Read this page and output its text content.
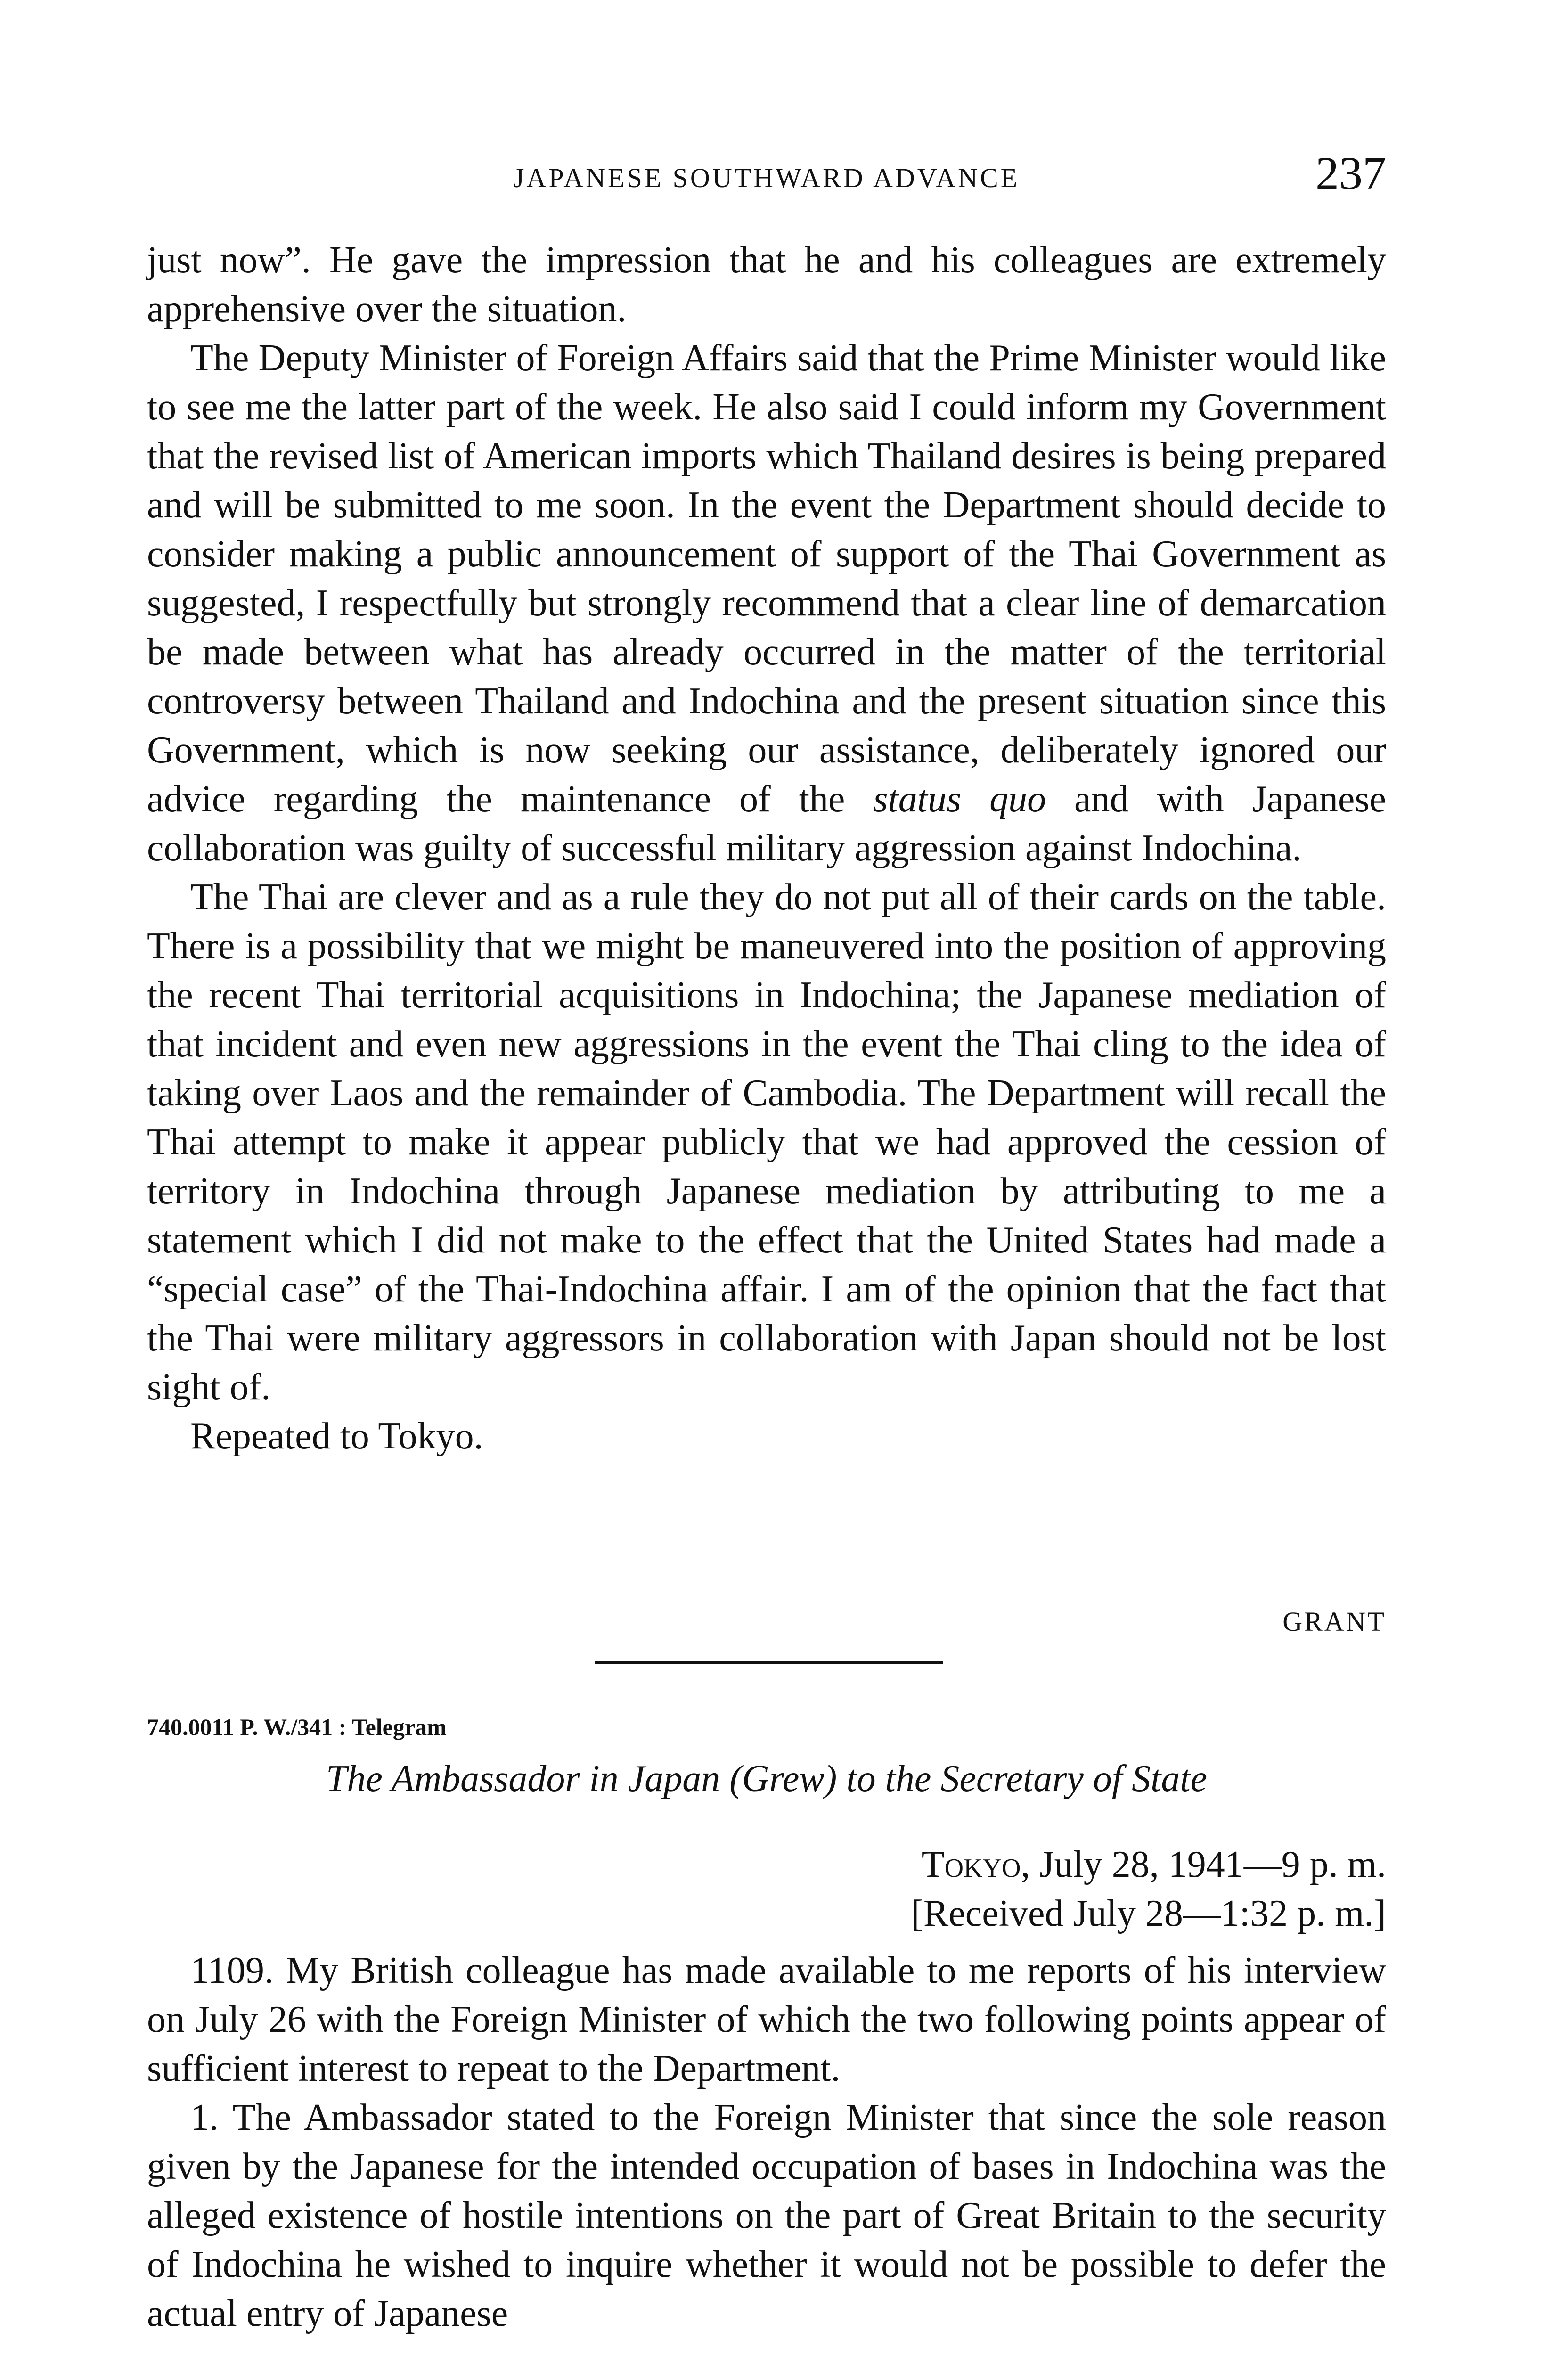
JAPANESE SOUTHWARD ADVANCE	237

just now”. He gave the impression that he and his colleagues are extremely apprehensive over the situation.

The Deputy Minister of Foreign Affairs said that the Prime Minister would like to see me the latter part of the week. He also said I could inform my Government that the revised list of American imports which Thailand desires is being prepared and will be submitted to me soon. In the event the Department should decide to consider making a public announcement of support of the Thai Government as suggested, I respectfully but strongly recommend that a clear line of demarcation be made between what has already occurred in the matter of the territorial controversy between Thailand and Indochina and the present situation since this Government, which is now seeking our assistance, deliberately ignored our advice regarding the maintenance of the status quo and with Japanese collaboration was guilty of successful military aggression against Indochina.

The Thai are clever and as a rule they do not put all of their cards on the table. There is a possibility that we might be maneuvered into the position of approving the recent Thai territorial acquisitions in Indochina; the Japanese mediation of that incident and even new aggressions in the event the Thai cling to the idea of taking over Laos and the remainder of Cambodia. The Department will recall the Thai attempt to make it appear publicly that we had approved the cession of territory in Indochina through Japanese mediation by attributing to me a statement which I did not make to the effect that the United States had made a “special case” of the Thai-Indochina affair. I am of the opinion that the fact that the Thai were military aggressors in collaboration with Japan should not be lost sight of.

Repeated to Tokyo.

GRANT
740.0011 P. W./341 : Telegram
The Ambassador in Japan (Grew) to the Secretary of State
Tokyo, July 28, 1941—9 p. m.
[Received July 28—1:32 p. m.]

1109. My British colleague has made available to me reports of his interview on July 26 with the Foreign Minister of which the two following points appear of sufficient interest to repeat to the Department.

1. The Ambassador stated to the Foreign Minister that since the sole reason given by the Japanese for the intended occupation of bases in Indochina was the alleged existence of hostile intentions on the part of Great Britain to the security of Indochina he wished to inquire whether it would not be possible to defer the actual entry of Japanese
